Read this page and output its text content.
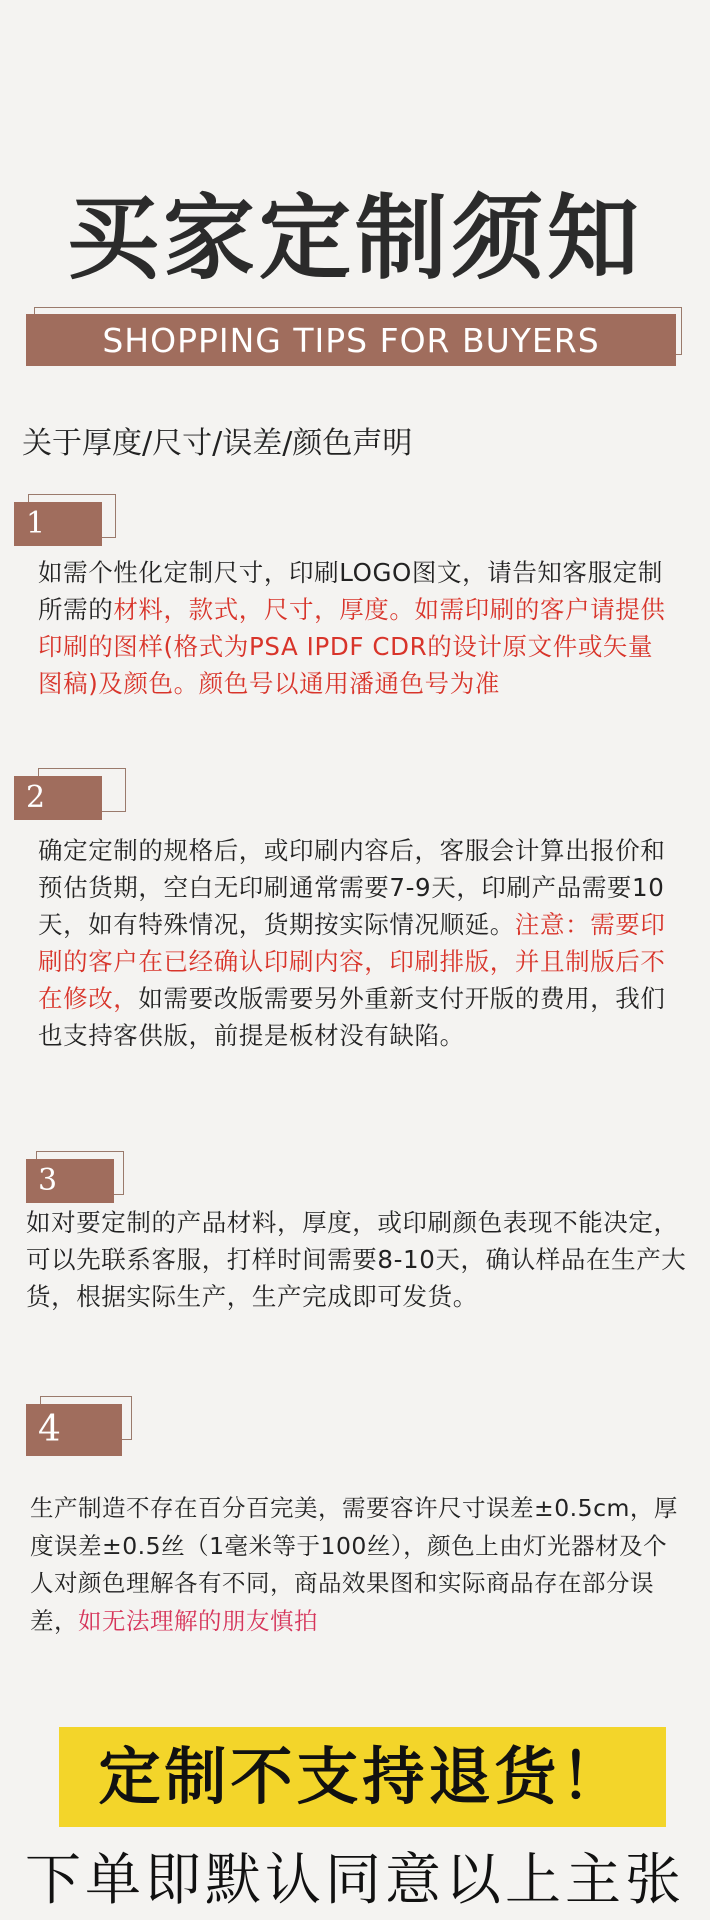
买家定制须知
SHOPPING TIPS FOR BUYERS
关于厚度/尺寸/误差/颜色声明
1
如需个性化定制尺寸，印刷LOGO图文，请告知客服定制所需的材料，款式，尺寸，厚度。如需印刷的客户请提供印刷的图样(格式为PSA ΙPDF CDR的设计原文件或矢量图稿)及颜色。颜色号以通用潘通色号为准
2
确定定制的规格后，或印刷内容后，客服会计算出报价和预估货期，空白无印刷通常需要7-9天，印刷产品需要10天，如有特殊情况，货期按实际情况顺延。注意：需要印刷的客户在已经确认印刷内容，印刷排版，并且制版后不在修改，如需要改版需要另外重新支付开版的费用，我们也支持客供版，前提是板材没有缺陷。
3
如对要定制的产品材料，厚度，或印刷颜色表现不能决定，可以先联系客服，打样时间需要8-10天，确认样品在生产大货，根据实际生产，生产完成即可发货。
4
生产制造不存在百分百完美，需要容许尺寸误差±0.5cm，厚度误差±0.5丝（1毫米等于100丝），颜色上由灯光器材及个人对颜色理解各有不同，商品效果图和实际商品存在部分误差，如无法理解的朋友慎拍
定制不支持退货！
下单即默认同意以上主张
